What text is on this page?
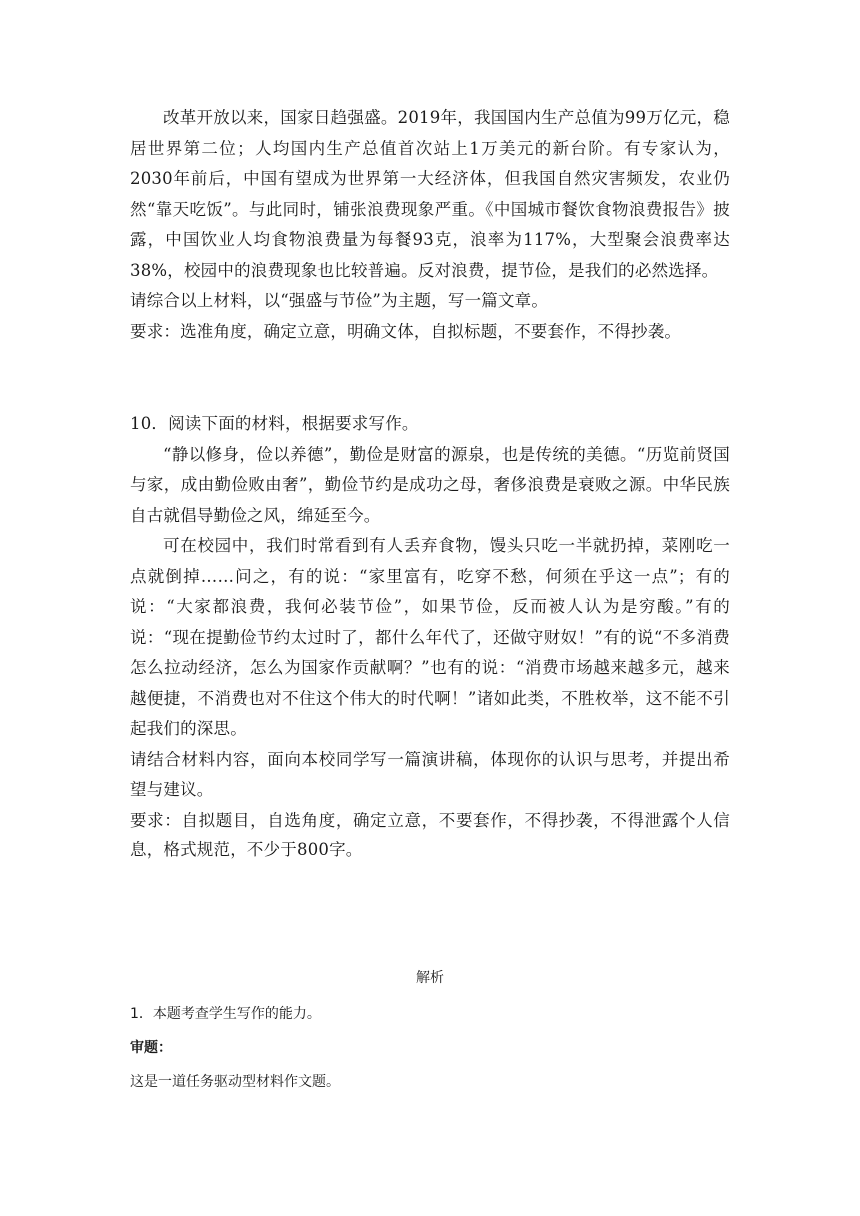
改革开放以来，国家日趋强盛。2019年，我国国内生产总值为99万亿元，稳居世界第二位；人均国内生产总值首次站上1万美元的新台阶。有专家认为，2030年前后，中国有望成为世界第一大经济体，但我国自然灾害频发，农业仍然“靠天吃饭”。与此同时，铺张浪费现象严重。《中国城市餐饮食物浪费报告》披露，中国饮业人均食物浪费量为每餐93克，浪率为117%，大型聚会浪费率达38%，校园中的浪费现象也比较普遍。反对浪费，提节俭，是我们的必然选择。

请综合以上材料，以“强盛与节俭”为主题，写一篇文章。

要求：选准角度，确定立意，明确文体，自拟标题，不要套作，不得抄袭。

10．阅读下面的材料，根据要求写作。

“静以修身，俭以养德”，勤俭是财富的源泉，也是传统的美德。“历览前贤国与家，成由勤俭败由奢”，勤俭节约是成功之母，奢侈浪费是衰败之源。中华民族自古就倡导勤俭之风，绵延至今。

可在校园中，我们时常看到有人丢弃食物，馒头只吃一半就扔掉，菜刚吃一点就倒掉……问之，有的说：“家里富有，吃穿不愁，何须在乎这一点”；有的说：“大家都浪费，我何必装节俭”，如果节俭，反而被人认为是穷酸。”有的说：“现在提勤俭节约太过时了，都什么年代了，还做守财奴！”有的说“不多消费怎么拉动经济，怎么为国家作贡献啊？”也有的说：“消费市场越来越多元，越来越便捷，不消费也对不住这个伟大的时代啊！”诸如此类，不胜枚举，这不能不引起我们的深思。

请结合材料内容，面向本校同学写一篇演讲稿，体现你的认识与思考，并提出希望与建议。

要求：自拟题目，自选角度，确定立意，不要套作，不得抄袭，不得泄露个人信息，格式规范，不少于800字。

解析

1．本题考查学生写作的能力。

审题：

这是一道任务驱动型材料作文题。
